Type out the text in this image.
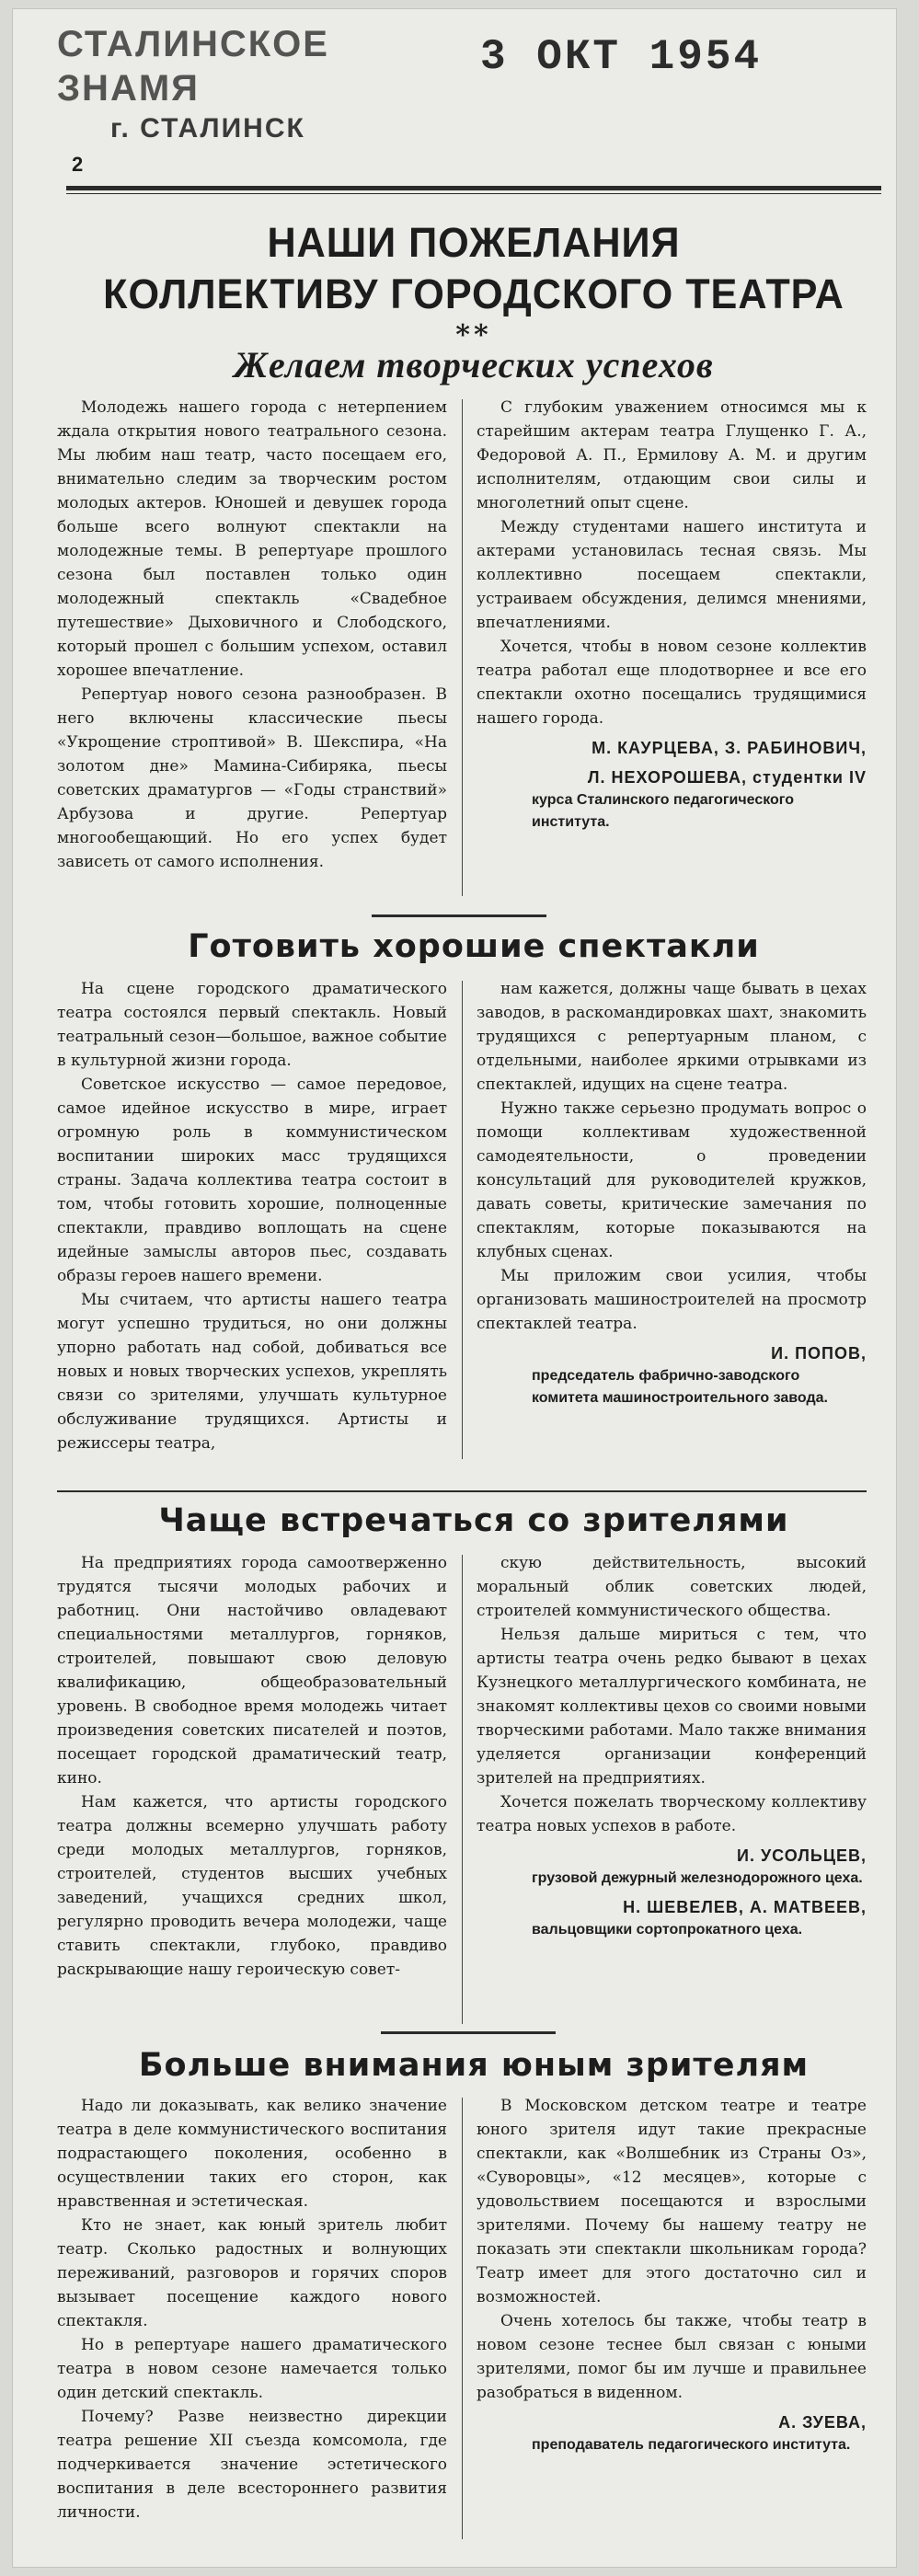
СТАЛИНСКОЕ ЗНАМЯ
г. СТАЛИНСК
3 ОКТ 1954
2
НАШИ ПОЖЕЛАНИЯ
КОЛЛЕКТИВУ ГОРОДСКОГО ТЕАТРА
**
Желаем творческих успехов

Молодежь нашего города с нетерпением ждала открытия нового театрального сезона. Мы любим наш театр, часто посещаем его, внимательно следим за творческим ростом молодых актеров. Юношей и девушек города больше всего волнуют спектакли на молодежные темы. В репертуаре прошлого сезона был поставлен только один молодежный спектакль «Свадебное путешествие» Дыховичного и Слободского, который прошел с большим успехом, оставил хорошее впечатление.

Репертуар нового сезона разнообразен. В него включены классические пьесы «Укрощение строптивой» В. Шекспира, «На золотом дне» Мамина-Сибиряка, пьесы советских драматургов — «Годы странствий» Арбузова и другие. Репертуар многообещающий. Но его успех будет зависеть от самого исполнения.

С глубоким уважением относимся мы к старейшим актерам театра Глущенко Г. А., Федоровой А. П., Ермилову А. М. и другим исполнителям, отдающим свои силы и многолетний опыт сцене.

Между студентами нашего института и актерами установилась тесная связь. Мы коллективно посещаем спектакли, устраиваем обсуждения, делимся мнениями, впечатлениями.

Хочется, чтобы в новом сезоне коллектив театра работал еще плодотворнее и все его спектакли охотно посещались трудящимися нашего города.

М. КАУРЦЕВА, З. РАБИНОВИЧ,
Л. НЕХОРОШЕВА, студентки IV
курса Сталинского педагогического института.
Готовить хорошие спектакли

На сцене городского драматического театра состоялся первый спектакль. Новый театральный сезон—большое, важное событие в культурной жизни города.

Советское искусство — самое передовое, самое идейное искусство в мире, играет огромную роль в коммунистическом воспитании широких масс трудящихся страны. Задача коллектива театра состоит в том, чтобы готовить хорошие, полноценные спектакли, правдиво воплощать на сцене идейные замыслы авторов пьес, создавать образы героев нашего времени.

Мы считаем, что артисты нашего театра могут успешно трудиться, но они должны упорно работать над собой, добиваться все новых и новых творческих успехов, укреплять связи со зрителями, улучшать культурное обслуживание трудящихся. Артисты и режиссеры театра,

нам кажется, должны чаще бывать в цехах заводов, в раскомандировках шахт, знакомить трудящихся с репертуарным планом, с отдельными, наиболее яркими отрывками из спектаклей, идущих на сцене театра.

Нужно также серьезно продумать вопрос о помощи коллективам художественной самодеятельности, о проведении консультаций для руководителей кружков, давать советы, критические замечания по спектаклям, которые показываются на клубных сценах.

Мы приложим свои усилия, чтобы организовать машиностроителей на просмотр спектаклей театра.

И. ПОПОВ,
председатель фабрично-заводского комитета машиностроительного завода.
Чаще встречаться со зрителями

На предприятиях города самоотверженно трудятся тысячи молодых рабочих и работниц. Они настойчиво овладевают специальностями металлургов, горняков, строителей, повышают свою деловую квалификацию, общеобразовательный уровень. В свободное время молодежь читает произведения советских писателей и поэтов, посещает городской драматический театр, кино.

Нам кажется, что артисты городского театра должны всемерно улучшать работу среди молодых металлургов, горняков, строителей, студентов высших учебных заведений, учащихся средних школ, регулярно проводить вечера молодежи, чаще ставить спектакли, глубоко, правдиво раскрывающие нашу героическую совет-

скую действительность, высокий моральный облик советских людей, строителей коммунистического общества.

Нельзя дальше мириться с тем, что артисты театра очень редко бывают в цехах Кузнецкого металлургического комбината, не знакомят коллективы цехов со своими новыми творческими работами. Мало также внимания уделяется организации конференций зрителей на предприятиях.

Хочется пожелать творческому коллективу театра новых успехов в работе.

И. УСОЛЬЦЕВ,
грузовой дежурный железнодорожного цеха.
Н. ШЕВЕЛЕВ, А. МАТВЕЕВ,
вальцовщики сортопрокатного цеха.
Больше внимания юным зрителям

Надо ли доказывать, как велико значение театра в деле коммунистического воспитания подрастающего поколения, особенно в осуществлении таких его сторон, как нравственная и эстетическая.

Кто не знает, как юный зритель любит театр. Сколько радостных и волнующих переживаний, разговоров и горячих споров вызывает посещение каждого нового спектакля.

Но в репертуаре нашего драматического театра в новом сезоне намечается только один детский спектакль.

Почему? Разве неизвестно дирекции театра решение XII съезда комсомола, где подчеркивается значение эстетического воспитания в деле всестороннего развития личности.

В Московском детском театре и театре юного зрителя идут такие прекрасные спектакли, как «Волшебник из Страны Оз», «Суворовцы», «12 месяцев», которые с удовольствием посещаются и взрослыми зрителями. Почему бы нашему театру не показать эти спектакли школьникам города? Театр имеет для этого достаточно сил и возможностей.

Очень хотелось бы также, чтобы театр в новом сезоне теснее был связан с юными зрителями, помог бы им лучше и правильнее разобраться в виденном.

А. ЗУЕВА,
преподаватель педагогического института.
